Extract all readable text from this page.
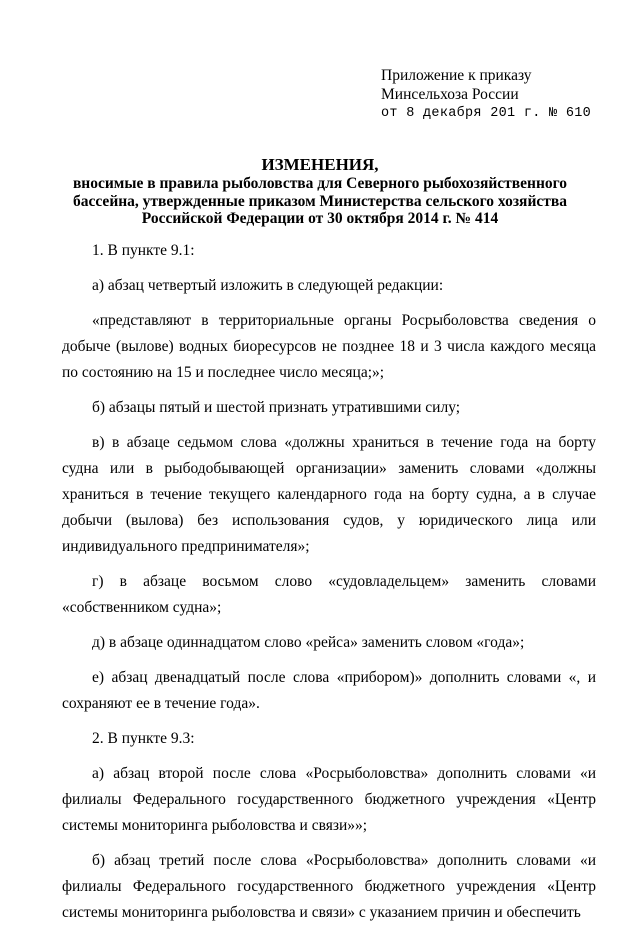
Приложение к приказу
Минсельхоза России
от 8 декабря 201 г. № 610
ИЗМЕНЕНИЯ,
вносимые в правила рыболовства для Северного рыбохозяйственного бассейна, утвержденные приказом Министерства сельского хозяйства Российской Федерации от 30 октября 2014 г. № 414

1. В пункте 9.1:

а) абзац четвертый изложить в следующей редакции:

«представляют в территориальные органы Росрыболовства сведения о добыче (вылове) водных биоресурсов не позднее 18 и 3 числа каждого месяца по состоянию на 15 и последнее число месяца;»;

б) абзацы пятый и шестой признать утратившими силу;

в) в абзаце седьмом слова «должны храниться в течение года на борту судна или в рыбодобывающей организации» заменить словами «должны храниться в течение текущего календарного года на борту судна, а в случае добычи (вылова) без использования судов, у юридического лица или индивидуального предпринимателя»;

г) в абзаце восьмом слово «судовладельцем» заменить словами «собственником судна»;

д) в абзаце одиннадцатом слово «рейса» заменить словом «года»;

е) абзац двенадцатый после слова «прибором)» дополнить словами «, и сохраняют ее в течение года».

2. В пункте 9.3:

а) абзац второй после слова «Росрыболовства» дополнить словами «и филиалы Федерального государственного бюджетного учреждения «Центр системы мониторинга рыболовства и связи»»;

б) абзац третий после слова «Росрыболовства» дополнить словами «и филиалы Федерального государственного бюджетного учреждения «Центр системы мониторинга рыболовства и связи» с указанием причин и обеспечить
